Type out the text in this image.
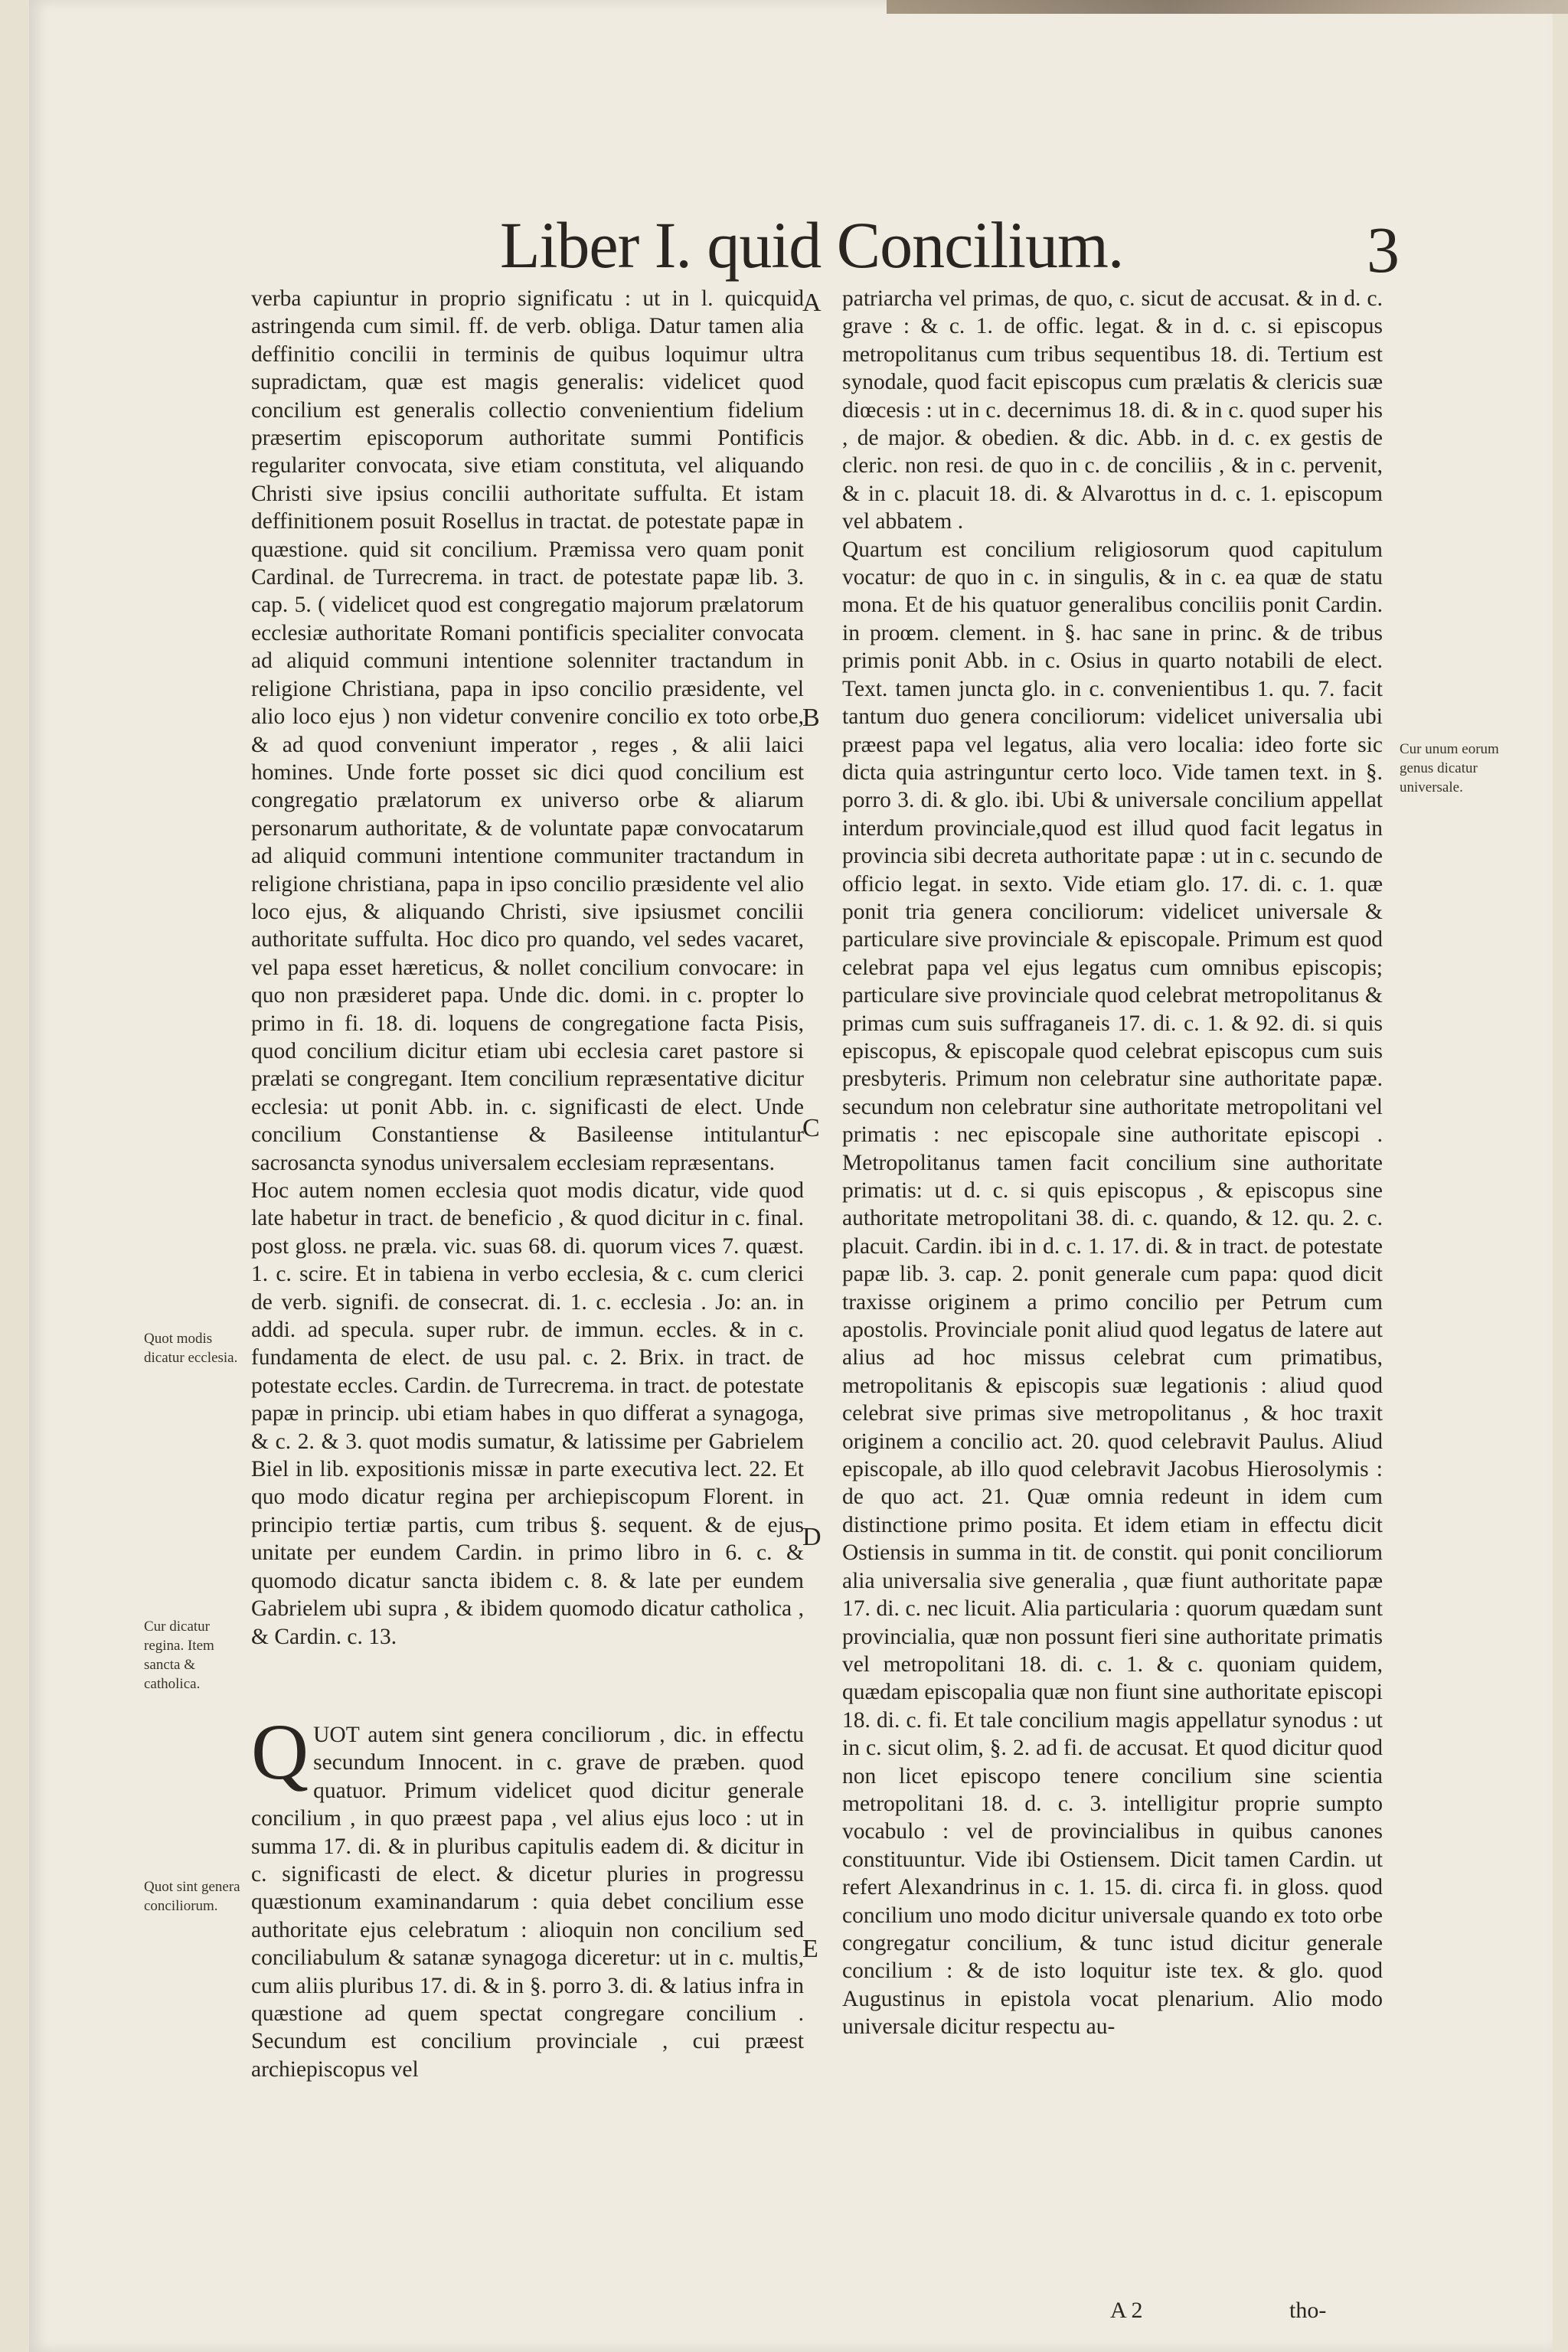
Liber I. quid Concilium.	3

verba capiuntur in proprio significatu : ut in l. quicquid astringenda cum simil. ff. de verb. obliga. Datur tamen alia deffinitio concilii in terminis de quibus loquimur ultra supradictam, quæ est magis generalis: videlicet quod concilium est generalis collectio convenientium fidelium præsertim episcoporum authoritate summi Pontificis regulariter convocata, sive etiam constituta, vel aliquando Christi sive ipsius concilii authoritate suffulta. Et istam deffinitionem posuit Rosellus in tractat. de potestate papæ in quæstione. quid sit concilium. Præmissa vero quam ponit Cardinal. de Turrecrema. in tract. de potestate papæ lib. 3. cap. 5. ( videlicet quod est congregatio majorum prælatorum ecclesiæ authoritate Romani pontificis specialiter convocata ad aliquid communi intentione solenniter tractandum in religione Christiana, papa in ipso concilio præsidente, vel alio loco ejus ) non videtur convenire concilio ex toto orbe, & ad quod conveniunt imperator , reges , & alii laici homines. Unde forte posset sic dici quod concilium est congregatio prælatorum ex universo orbe & aliarum personarum authoritate, & de voluntate papæ convocatarum ad aliquid communi intentione communiter tractandum in religione christiana, papa in ipso concilio præsidente vel alio loco ejus, & aliquando Christi, sive ipsiusmet concilii authoritate suffulta. Hoc dico pro quando, vel sedes vacaret, vel papa esset hæreticus, & nollet concilium convocare: in quo non præsideret papa. Unde dic. domi. in c. propter lo primo in fi. 18. di. loquens de congregatione facta Pisis, quod concilium dicitur etiam ubi ecclesia caret pastore si prælati se congregant. Item concilium repræsentative dicitur ecclesia: ut ponit Abb. in. c. significasti de elect. Unde concilium Constantiense & Basileense intitulantur sacrosancta synodus universalem ecclesiam repræsentans.

Hoc autem nomen ecclesia quot modis dicatur, vide quod late habetur in tract. de beneficio , & quod dicitur in c. final. post gloss. ne præla. vic. suas 68. di. quorum vices 7. quæst. 1. c. scire. Et in tabiena in verbo ecclesia, & c. cum clerici de verb. signifi. de consecrat. di. 1. c. ecclesia . Jo: an. in addi. ad specula. super rubr. de immun. eccles. & in c. fundamenta de elect. de usu pal. c. 2. Brix. in tract. de potestate eccles. Cardin. de Turrecrema. in tract. de potestate papæ in princip. ubi etiam habes in quo differat a synagoga, & c. 2. & 3. quot modis sumatur, & latissime per Gabrielem Biel in lib. expositionis missæ in parte executiva lect. 22. Et quo modo dicatur regina per archiepiscopum Florent. in principio tertiæ partis, cum tribus §. sequent. & de ejus unitate per eundem Cardin. in primo libro in 6. c. & quomodo dicatur sancta ibidem c. 8. & late per eundem Gabrielem ubi supra , & ibidem quomodo dicatur catholica , & Cardin. c. 13.

QUOT autem sint genera conciliorum , dic. in effectu secundum Innocent. in c. grave de præben. quod quatuor. Primum videlicet quod dicitur generale concilium , in quo præest papa , vel alius ejus loco : ut in summa 17. di. & in pluribus capitulis eadem di. & dicitur in c. significasti de elect. & dicetur pluries in progressu quæstionum examinandarum : quia debet concilium esse authoritate ejus celebratum : alioquin non concilium sed conciliabulum & satanæ synagoga diceretur: ut in c. multis, cum aliis pluribus 17. di. & in §. porro 3. di. & latius infra in quæstione ad quem spectat congregare concilium . Secundum est concilium provinciale , cui præest archiepiscopus vel

patriarcha vel primas, de quo, c. sicut de accusat. & in d. c. grave : & c. 1. de offic. legat. & in d. c. si episcopus metropolitanus cum tribus sequentibus 18. di. Tertium est synodale, quod facit episcopus cum prælatis & clericis suæ diœcesis : ut in c. decernimus 18. di. & in c. quod super his , de major. & obedien. & dic. Abb. in d. c. ex gestis de cleric. non resi. de quo in c. de conciliis , & in c. pervenit, & in c. placuit 18. di. & Alvarottus in d. c. 1. episcopum vel abbatem .

Quartum est concilium religiosorum quod capitulum vocatur: de quo in c. in singulis, & in c. ea quæ de statu mona. Et de his quatuor generalibus conciliis ponit Cardin. in proœm. clement. in §. hac sane in princ. & de tribus primis ponit Abb. in c. Osius in quarto notabili de elect. Text. tamen juncta glo. in c. convenientibus 1. qu. 7. facit tantum duo genera conciliorum: videlicet universalia ubi præest papa vel legatus, alia vero localia: ideo forte sic dicta quia astringuntur certo loco. Vide tamen text. in §. porro 3. di. & glo. ibi. Ubi & universale concilium appellat interdum provinciale,quod est illud quod facit legatus in provincia sibi decreta authoritate papæ : ut in c. secundo de officio legat. in sexto. Vide etiam glo. 17. di. c. 1. quæ ponit tria genera conciliorum: videlicet universale & particulare sive provinciale & episcopale. Primum est quod celebrat papa vel ejus legatus cum omnibus episcopis; particulare sive provinciale quod celebrat metropolitanus & primas cum suis suffraganeis 17. di. c. 1. & 92. di. si quis episcopus, & episcopale quod celebrat episcopus cum suis presbyteris. Primum non celebratur sine authoritate papæ. secundum non celebratur sine authoritate metropolitani vel primatis : nec episcopale sine authoritate episcopi . Metropolitanus tamen facit concilium sine authoritate primatis: ut d. c. si quis episcopus , & episcopus sine authoritate metropolitani 38. di. c. quando, & 12. qu. 2. c. placuit. Cardin. ibi in d. c. 1. 17. di. & in tract. de potestate papæ lib. 3. cap. 2. ponit generale cum papa: quod dicit traxisse originem a primo concilio per Petrum cum apostolis. Provinciale ponit aliud quod legatus de latere aut alius ad hoc missus celebrat cum primatibus, metropolitanis & episcopis suæ legationis : aliud quod celebrat sive primas sive metropolitanus , & hoc traxit originem a concilio act. 20. quod celebravit Paulus. Aliud episcopale, ab illo quod celebravit Jacobus Hierosolymis : de quo act. 21. Quæ omnia redeunt in idem cum distinctione primo posita. Et idem etiam in effectu dicit Ostiensis in summa in tit. de constit. qui ponit conciliorum alia universalia sive generalia , quæ fiunt authoritate papæ 17. di. c. nec licuit. Alia particularia : quorum quædam sunt provincialia, quæ non possunt fieri sine authoritate primatis vel metropolitani 18. di. c. 1. & c. quoniam quidem, quædam episcopalia quæ non fiunt sine authoritate episcopi 18. di. c. fi. Et tale concilium magis appellatur synodus : ut in c. sicut olim, §. 2. ad fi. de accusat. Et quod dicitur quod non licet episcopo tenere concilium sine scientia metropolitani 18. d. c. 3. intelligitur proprie sumpto vocabulo : vel de provincialibus in quibus canones constituuntur. Vide ibi Ostiensem. Dicit tamen Cardin. ut refert Alexandrinus in c. 1. 15. di. circa fi. in gloss. quod concilium uno modo dicitur universale quando ex toto orbe congregatur concilium, & tunc istud dicitur generale concilium : & de isto loquitur iste tex. & glo. quod Augustinus in epistola vocat plenarium. Alio modo universale dicitur respectu au-

Quot modis dicatur ecclesia.
Cur dicatur regina. Item sancta & catholica.
Quot sint genera conciliorum.
Cur unum eorum genus dicatur universale.
A
B
C
D
E
A 2	tho-
